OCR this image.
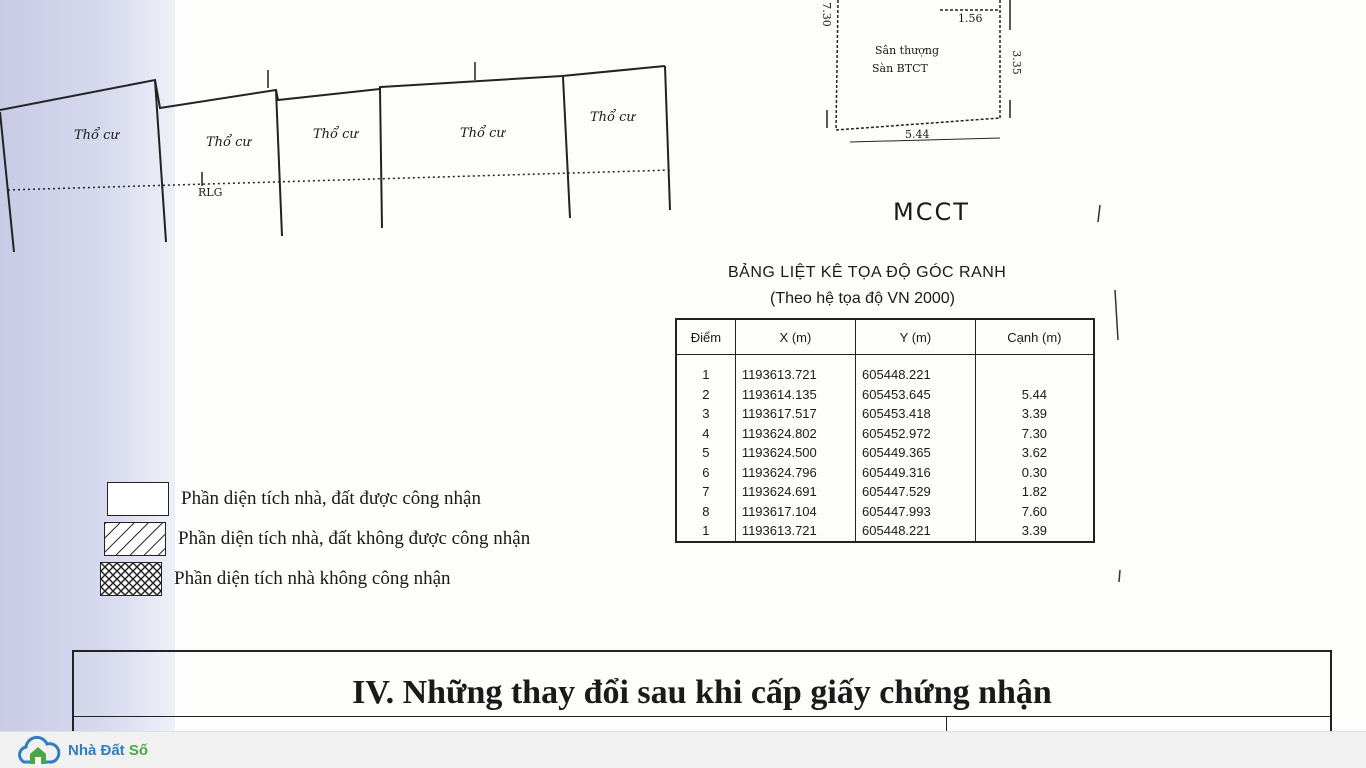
Thổ cư	Thổ cư
Thổ cư	Thổ cư
Thổ cư
RLG
Sân thượng
Sàn BTCT
1.56
5.44
3.35
7.30
MCCT
BẢNG LIỆT KÊ TỌA ĐỘ GÓC RANH
(Theo hệ tọa độ VN 2000)
Điểm	X (m)	Y (m)	Cạnh (m)
1	1193613.721	605448.221	
2	1193614.135	605453.645	5.44
3	1193617.517	605453.418	3.39
4	1193624.802	605452.972	7.30
5	1193624.500	605449.365	3.62
6	1193624.796	605449.316	0.30
7	1193624.691	605447.529	1.82
8	1193617.104	605447.993	7.60
1	1193613.721	605448.221	3.39
Phần diện tích nhà, đất được công nhận
Phần diện tích nhà, đất không được công nhận
Phần diện tích nhà không công nhận
IV. Những thay đổi sau khi cấp giấy chứng nhận
Nhà Đất Số
